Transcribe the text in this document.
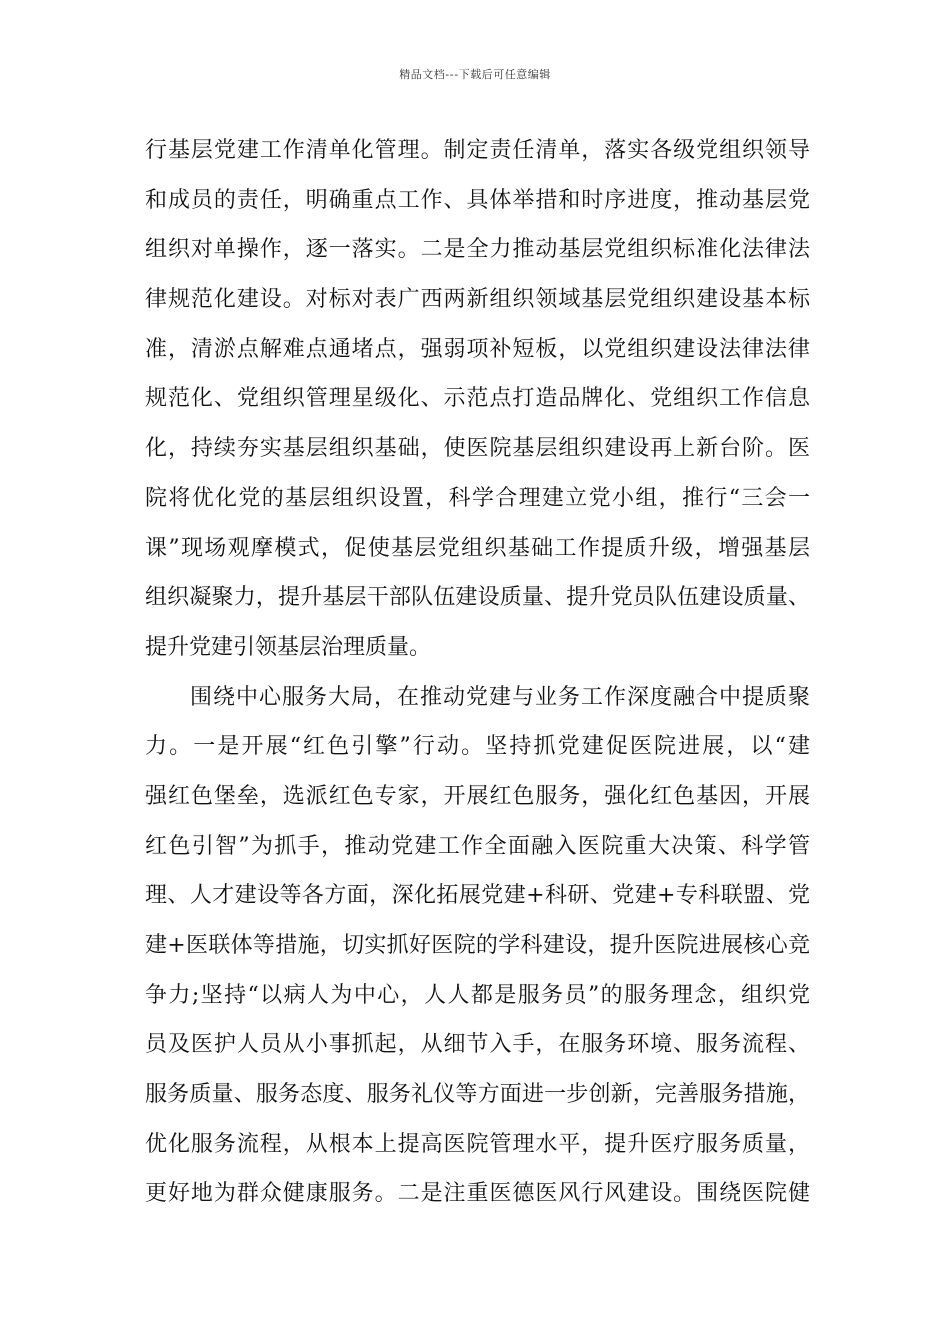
精品文档---下载后可任意编辑
行基层党建工作清单化管理。制定责任清单，落实各级党组织领导
和成员的责任，明确重点工作、具体举措和时序进度，推动基层党
组织对单操作，逐一落实。二是全力推动基层党组织标准化法律法
律规范化建设。对标对表广西两新组织领域基层党组织建设基本标
准，清淤点解难点通堵点，强弱项补短板，以党组织建设法律法律
规范化、党组织管理星级化、示范点打造品牌化、党组织工作信息
化，持续夯实基层组织基础，使医院基层组织建设再上新台阶。医
院将优化党的基层组织设置，科学合理建立党小组，推行“三会一
课”现场观摩模式，促使基层党组织基础工作提质升级，增强基层
组织凝聚力，提升基层干部队伍建设质量、提升党员队伍建设质量、
提升党建引领基层治理质量。
围绕中心服务大局，在推动党建与业务工作深度融合中提质聚
力。一是开展“红色引擎”行动。坚持抓党建促医院进展，以“建
强红色堡垒，选派红色专家，开展红色服务，强化红色基因，开展
红色引智”为抓手，推动党建工作全面融入医院重大决策、科学管
理、人才建设等各方面，深化拓展党建+科研、党建+专科联盟、党
建+医联体等措施，切实抓好医院的学科建设，提升医院进展核心竞
争力;坚持“以病人为中心，人人都是服务员”的服务理念，组织党
员及医护人员从小事抓起，从细节入手，在服务环境、服务流程、
服务质量、服务态度、服务礼仪等方面进一步创新，完善服务措施，
优化服务流程，从根本上提高医院管理水平，提升医疗服务质量，
更好地为群众健康服务。二是注重医德医风行风建设。围绕医院健
